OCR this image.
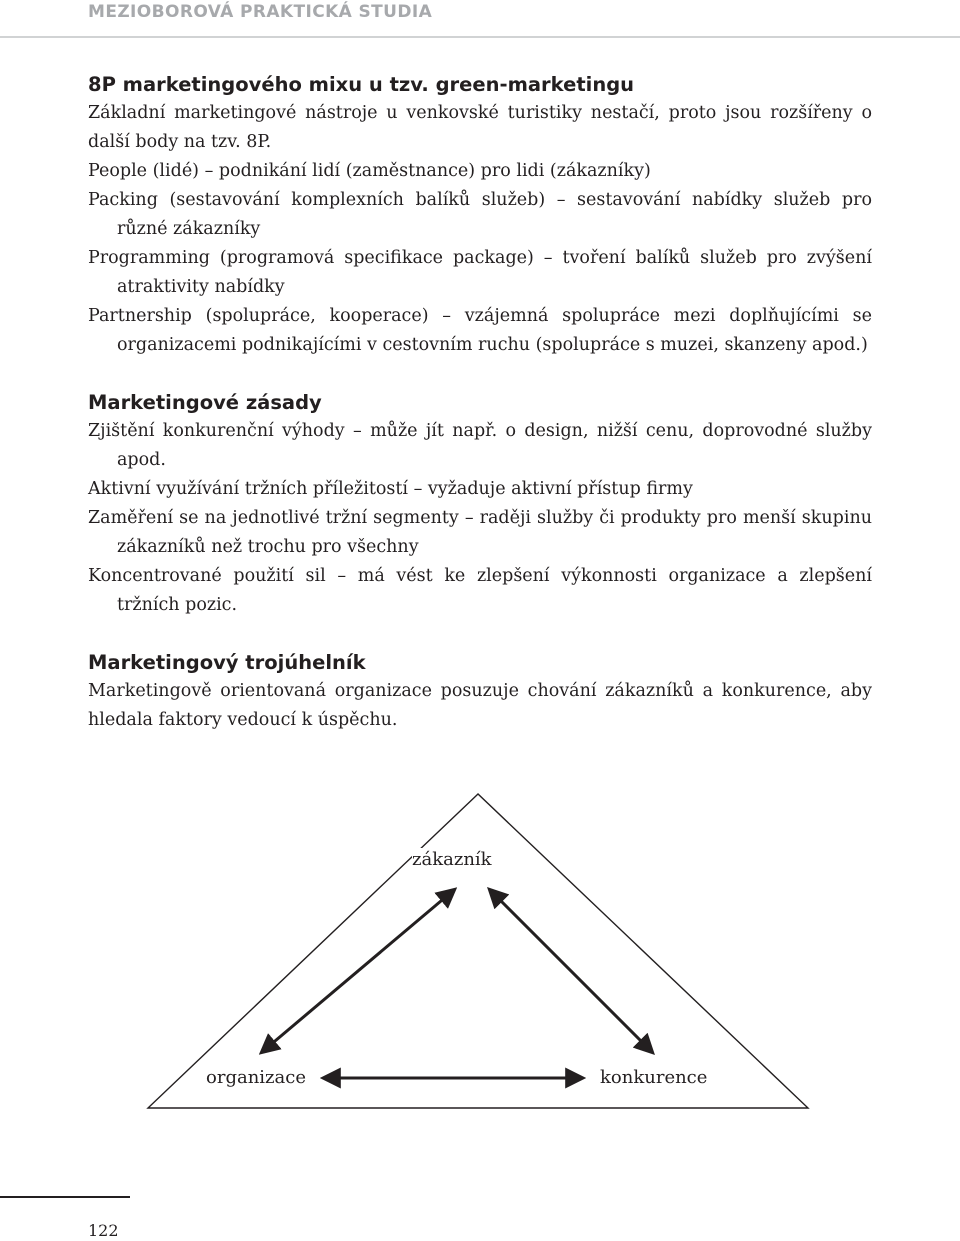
MEZIOBOROVÁ PRAKTICKÁ STUDIA
8P marketingového mixu u tzv. green-marketingu

Základní marketingové nástroje u venkovské turistiky nestačí, proto jsou rozšířeny o další body na tzv. 8P.

People (lidé) – podnikání lidí (zaměstnance) pro lidi (zákazníky)

Packing (sestavování komplexních balíků služeb) – sestavování nabídky služeb pro různé zákazníky

Programming (programová specifikace package) – tvoření balíků služeb pro zvýšení atraktivity nabídky

Partnership (spolupráce, kooperace) – vzájemná spolupráce mezi doplňujícími se organizacemi podnikajícími v cestovním ruchu (spolupráce s muzei, skanzeny apod.)

Marketingové zásady

Zjištění konkurenční výhody – může jít např. o design, nižší cenu, doprovodné služby apod.

Aktivní využívání tržních příležitostí – vyžaduje aktivní přístup firmy

Zaměření se na jednotlivé tržní segmenty – raději služby či produkty pro menší skupinu zákazníků než trochu pro všechny

Koncentrované použití sil – má vést ke zlepšení výkonnosti organizace a zlepšení tržních pozic.

Marketingový trojúhelník

Marketingově orientovaná organizace posuzuje chování zákazníků a konkurence, aby hledala faktory vedoucí k úspěchu.

zákazník
organizace	konkurence
122
